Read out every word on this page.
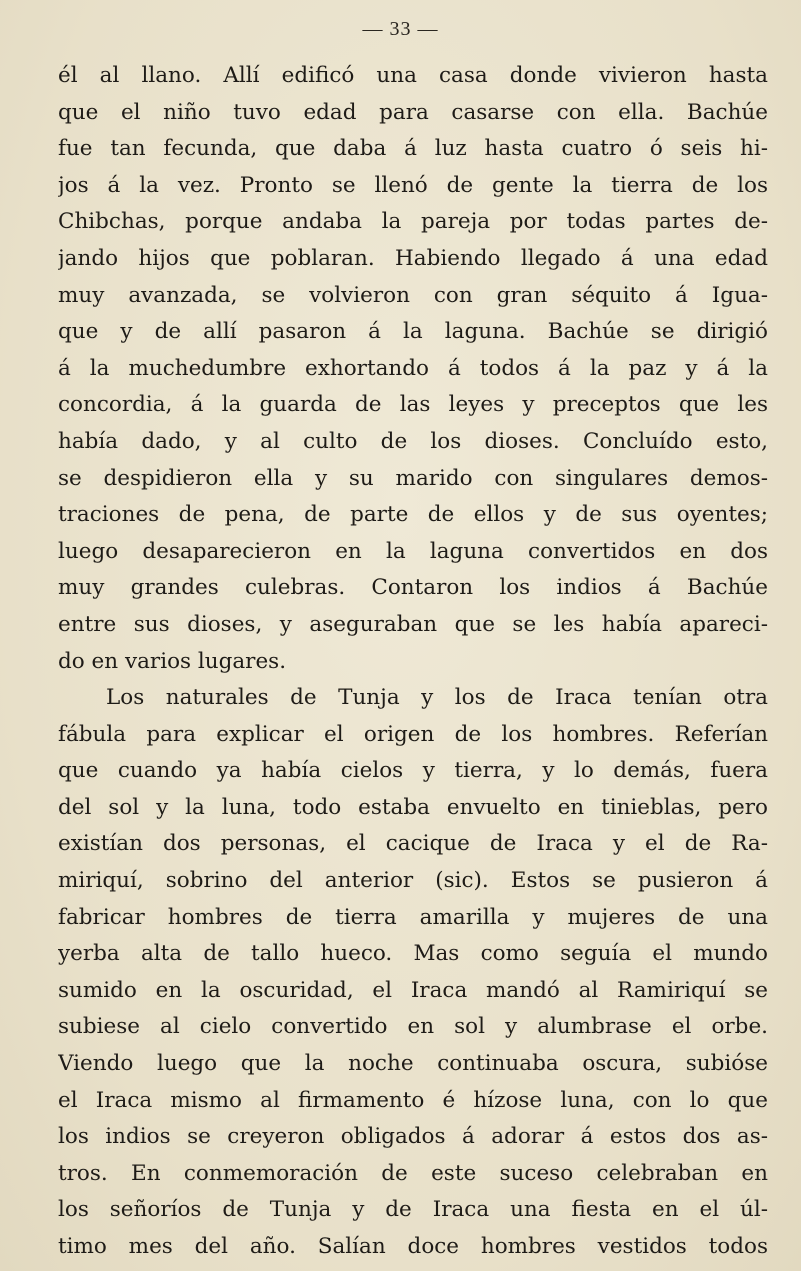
— 33 —
él al llano. Allí edificó una casa donde vivieron hasta
que el niño tuvo edad para casarse con ella. Bachúe
fue tan fecunda, que daba á luz hasta cuatro ó seis hi-
jos á la vez. Pronto se llenó de gente la tierra de los
Chibchas, porque andaba la pareja por todas partes de-
jando hijos que poblaran. Habiendo llegado á una edad
muy avanzada, se volvieron con gran séquito á Igua-
que y de allí pasaron á la laguna. Bachúe se dirigió
á la muchedumbre exhortando á todos á la paz y á la
concordia, á la guarda de las leyes y preceptos que les
había dado, y al culto de los dioses. Concluído esto,
se despidieron ella y su marido con singulares demos-
traciones de pena, de parte de ellos y de sus oyentes;
luego desaparecieron en la laguna convertidos en dos
muy grandes culebras. Contaron los indios á Bachúe
entre sus dioses, y aseguraban que se les había apareci-
do en varios lugares.
Los naturales de Tunja y los de Iraca tenían otra
fábula para explicar el origen de los hombres. Referían
que cuando ya había cielos y tierra, y lo demás, fuera
del sol y la luna, todo estaba envuelto en tinieblas, pero
existían dos personas, el cacique de Iraca y el de Ra-
miriquí, sobrino del anterior (sic). Estos se pusieron á
fabricar hombres de tierra amarilla y mujeres de una
yerba alta de tallo hueco. Mas como seguía el mundo
sumido en la oscuridad, el Iraca mandó al Ramiriquí se
subiese al cielo convertido en sol y alumbrase el orbe.
Viendo luego que la noche continuaba oscura, subióse
el Iraca mismo al firmamento é hízose luna, con lo que
los indios se creyeron obligados á adorar á estos dos as-
tros. En conmemoración de este suceso celebraban en
los señoríos de Tunja y de Iraca una fiesta en el úl-
timo mes del año. Salían doce hombres vestidos todos
